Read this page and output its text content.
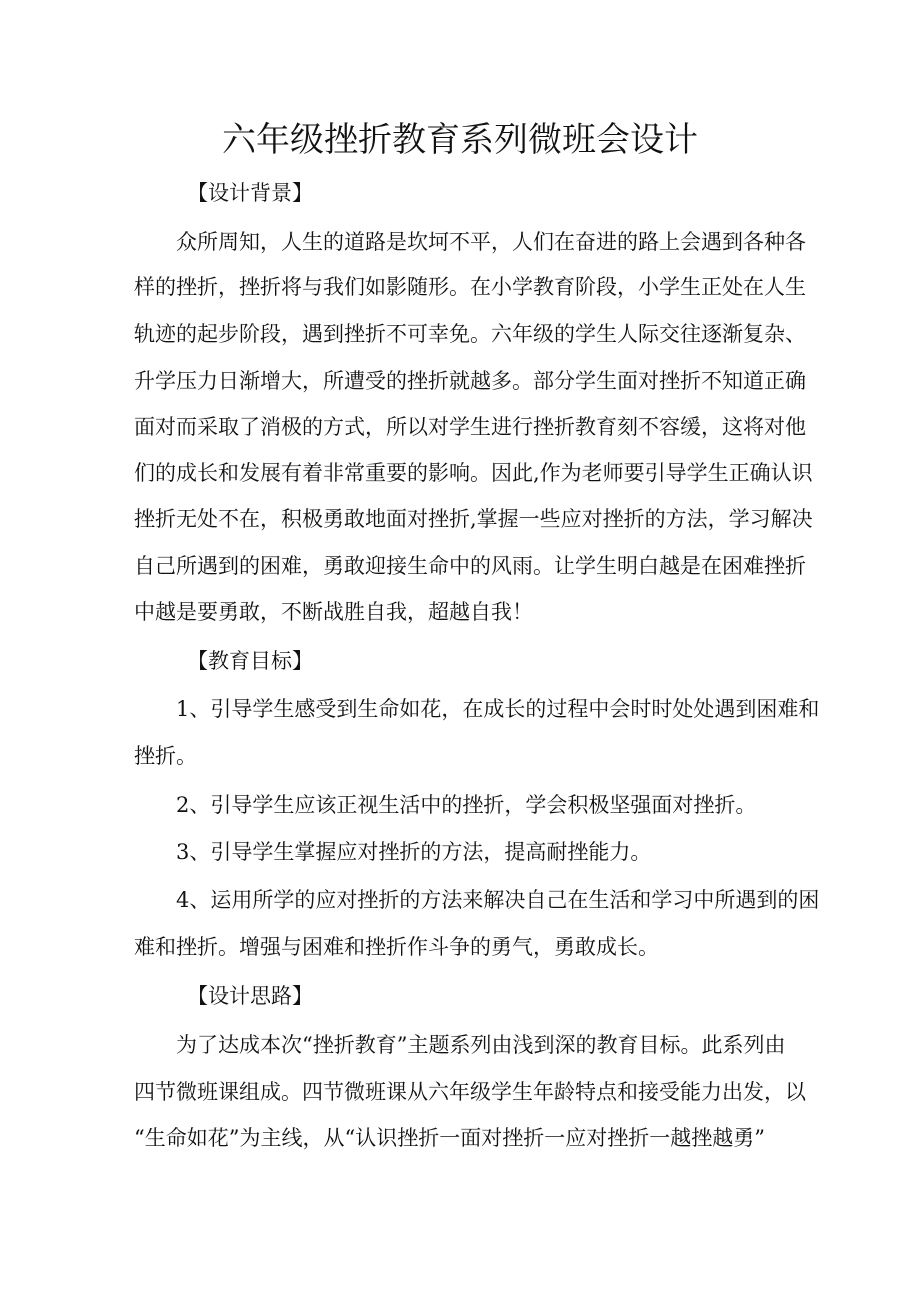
六年级挫折教育系列微班会设计
【设计背景】
众所周知，人生的道路是坎坷不平，人们在奋进的路上会遇到各种各
样的挫折，挫折将与我们如影随形。在小学教育阶段，小学生正处在人生
轨迹的起步阶段，遇到挫折不可幸免。六年级的学生人际交往逐渐复杂、
升学压力日渐增大，所遭受的挫折就越多。部分学生面对挫折不知道正确
面对而采取了消极的方式，所以对学生进行挫折教育刻不容缓，这将对他
们的成长和发展有着非常重要的影响。因此,作为老师要引导学生正确认识
挫折无处不在，积极勇敢地面对挫折,掌握一些应对挫折的方法，学习解决
自己所遇到的困难，勇敢迎接生命中的风雨。让学生明白越是在困难挫折
中越是要勇敢，不断战胜自我，超越自我！
【教育目标】
1、引导学生感受到生命如花，在成长的过程中会时时处处遇到困难和
挫折。
2、引导学生应该正视生活中的挫折，学会积极坚强面对挫折。
3、引导学生掌握应对挫折的方法，提高耐挫能力。
4、运用所学的应对挫折的方法来解决自己在生活和学习中所遇到的困
难和挫折。增强与困难和挫折作斗争的勇气，勇敢成长。
【设计思路】
为了达成本次“挫折教育”主题系列由浅到深的教育目标。此系列由
四节微班课组成。四节微班课从六年级学生年龄特点和接受能力出发，以
“生命如花”为主线，从“认识挫折一面对挫折一应对挫折一越挫越勇”
